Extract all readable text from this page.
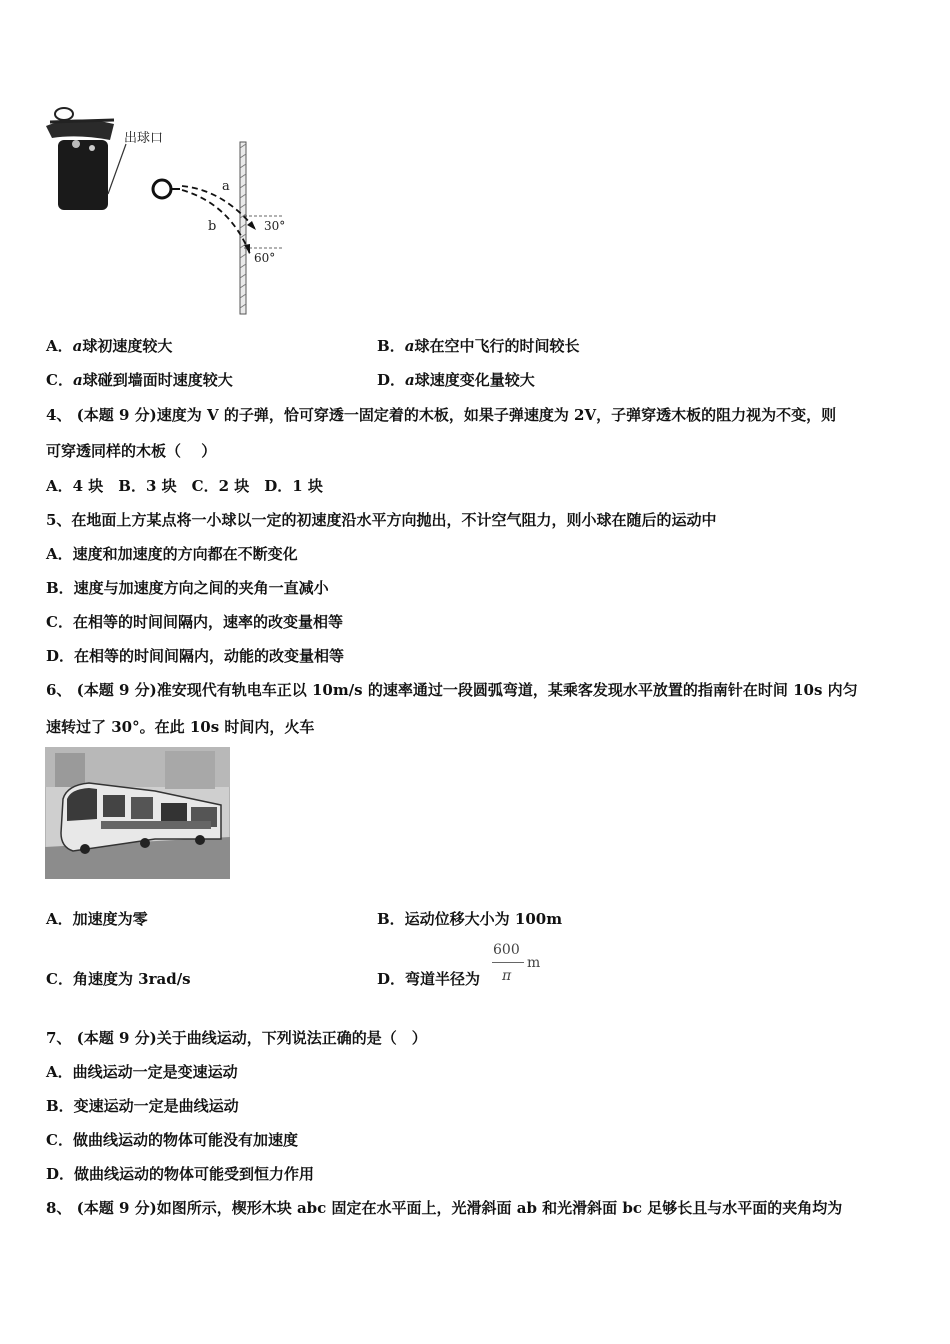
出球口
a
b	30°
60°
A．a球初速度较大	B．a球在空中飞行的时间较长
C．a球碰到墙面时速度较大	D．a球速度变化量较大
4、 (本题 9 分)速度为 V 的子弹，恰可穿透一固定着的木板，如果子弹速度为 2V，子弹穿透木板的阻力视为不变，则
可穿透同样的木板（　 ）
A．4 块　B．3 块　C．2 块　D．1 块
5、在地面上方某点将一小球以一定的初速度沿水平方向抛出，不计空气阻力，则小球在随后的运动中
A．速度和加速度的方向都在不断变化
B．速度与加速度方向之间的夹角一直减小
C．在相等的时间间隔内，速率的改变量相等
D．在相等的时间间隔内，动能的改变量相等
6、 (本题 9 分)准安现代有轨电车正以 10m/s 的速率通过一段圆弧弯道，某乘客发现水平放置的指南针在时间 10s 内匀
速转过了 30°。在此 10s 时间内，火车
A．加速度为零	B．运动位移大小为 100m
C．角速度为 3rad/s	D．弯道半径为
600
π
m
7、 (本题 9 分)关于曲线运动，下列说法正确的是（　）
A．曲线运动一定是变速运动
B．变速运动一定是曲线运动
C．做曲线运动的物体可能没有加速度
D．做曲线运动的物体可能受到恒力作用
8、 (本题 9 分)如图所示，楔形木块 abc 固定在水平面上，光滑斜面 ab 和光滑斜面 bc 足够长且与水平面的夹角均为
